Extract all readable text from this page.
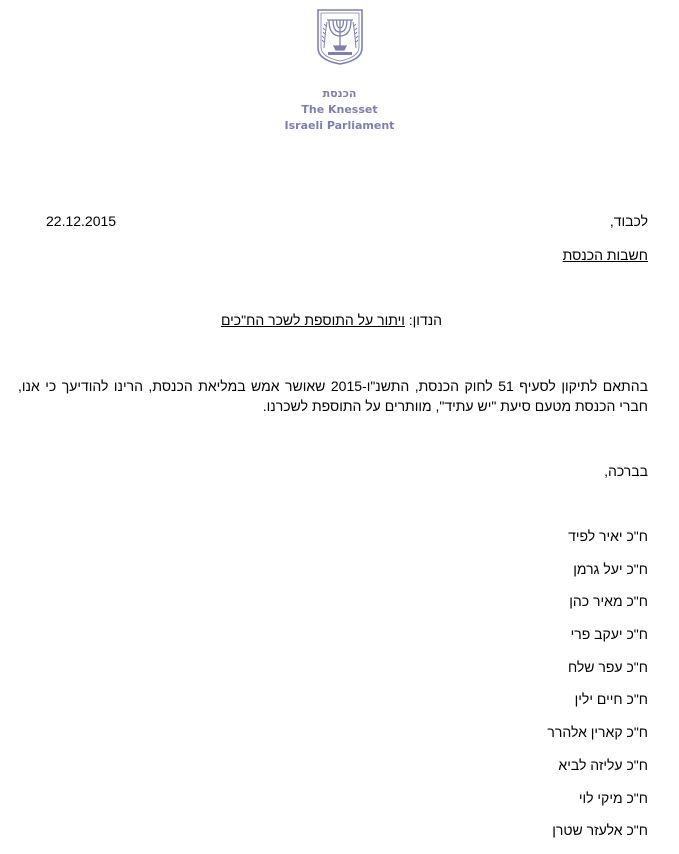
הכנסת
The Knesset
Israeli Parliament
22.12.2015	לכבוד,
חשבות הכנסת
הנדון: ויתור על התוספת לשכר הח"כים
בהתאם לתיקון לסעיף 51 לחוק הכנסת, התשנ"ו-2015 שאושר אמש במליאת הכנסת, הרינו להודיעך כי אנו, חברי הכנסת מטעם סיעת "יש עתיד", מוותרים על התוספת לשכרנו.
בברכה,
ח"כ יאיר לפיד
ח"כ יעל גרמן
ח"כ מאיר כהן
ח"כ יעקב פרי
ח"כ עפר שלח
ח"כ חיים ילין
ח"כ קארין אלהרר
ח"כ עליזה לביא
ח"כ מיקי לוי
ח"כ אלעזר שטרן
